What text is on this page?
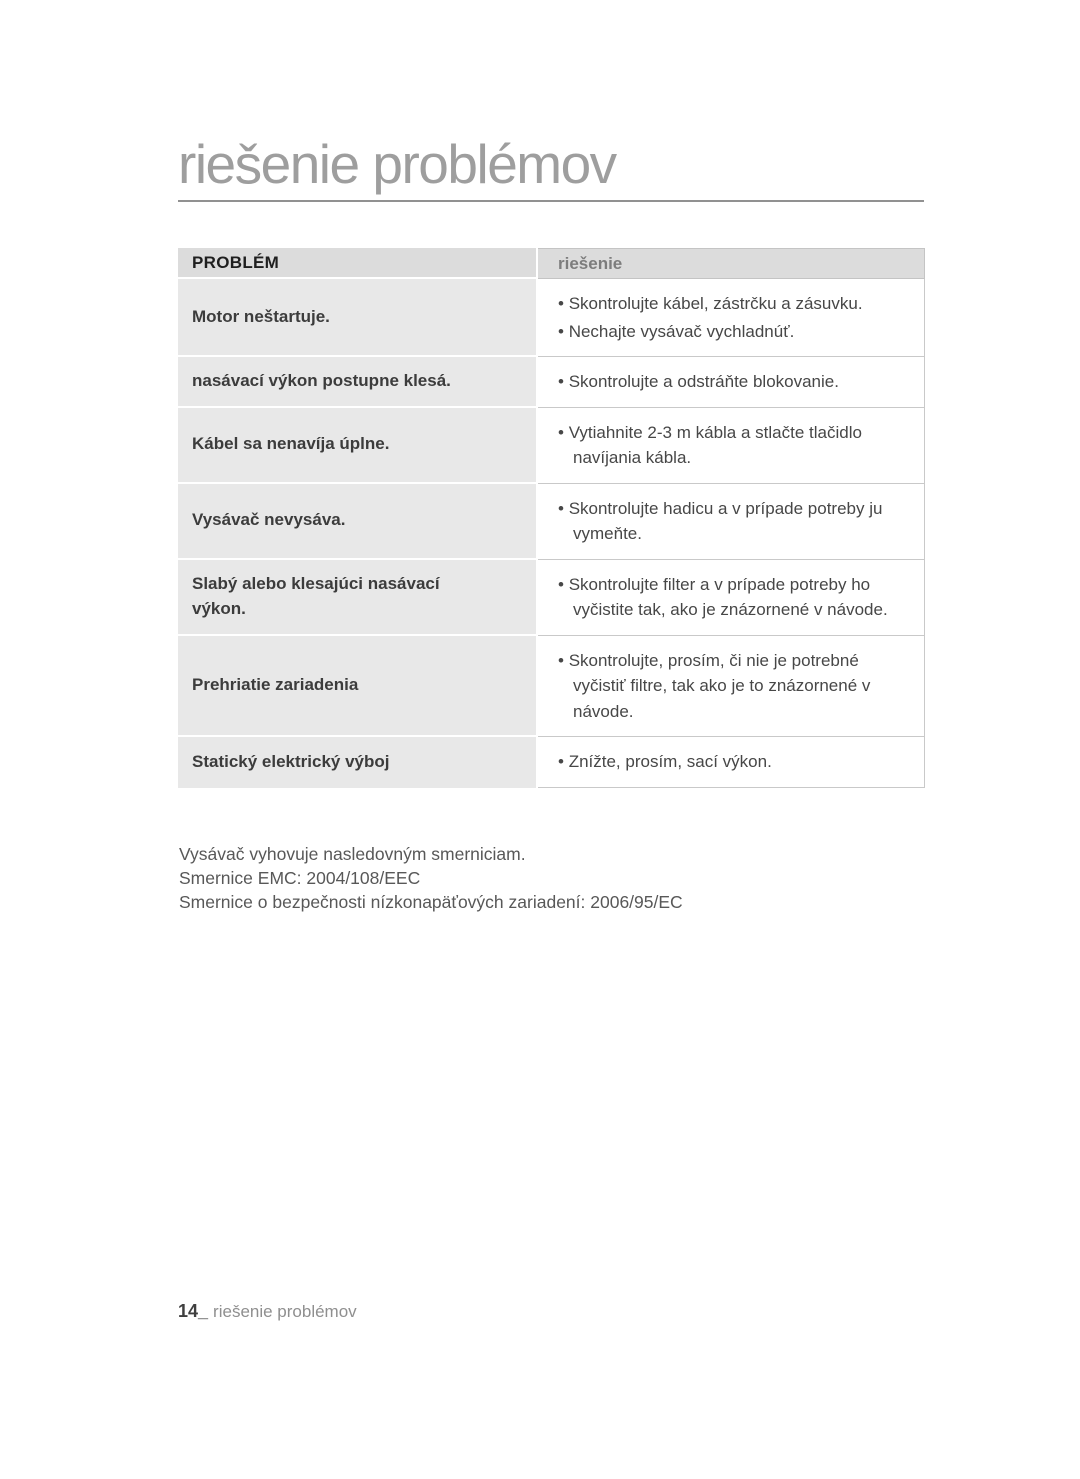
riešenie problémov
PROBLÉM	riešenie
Motor neštartuje.	• Skontrolujte kábel, zástrčku a zásuvku.
• Nechajte vysávač vychladnúť.

nasávací výkon postupne klesá.	• Skontrolujte a odstráňte blokovanie.

Kábel sa nenavíja úplne.	• Vytiahnite 2-3 m kábla a stlačte tlačidlo navíjania kábla.

Vysávač nevysáva.	• Skontrolujte hadicu a v prípade potreby ju vymeňte.

Slabý alebo klesajúci nasávací výkon.	• Skontrolujte filter a v prípade potreby ho vyčistite tak, ako je znázornené v návode.

Prehriatie zariadenia	• Skontrolujte, prosím, či nie je potrebné vyčistiť filtre, tak ako je to znázornené v návode.

Statický elektrický výboj	• Znížte, prosím, sací výkon.
Vysávač vyhovuje nasledovným smerniciam.
Smernice EMC: 2004/108/EEC
Smernice o bezpečnosti nízkonapäťových zariadení: 2006/95/EC
14_ riešenie problémov
